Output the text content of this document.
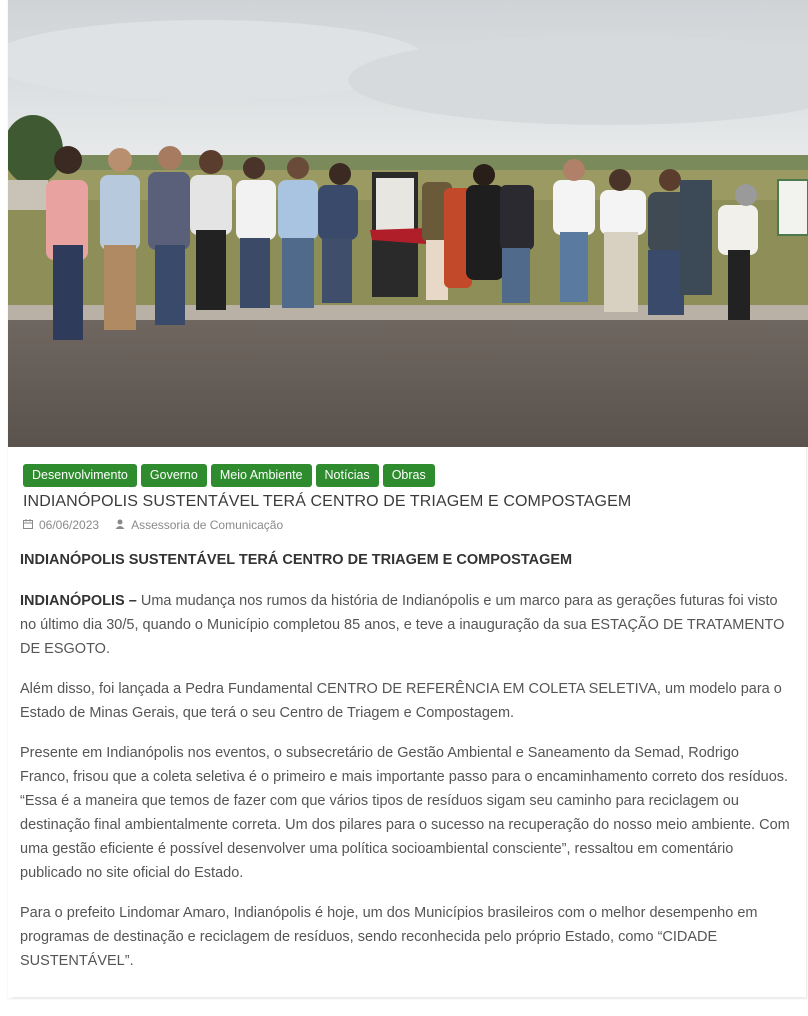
Desenvolvimento	Governo	Meio Ambiente	Notícias	Obras
INDIANÓPOLIS SUSTENTÁVEL TERÁ CENTRO DE TRIAGEM E COMPOSTAGEM
06/06/2023	Assessoria de Comunicação

INDIANÓPOLIS SUSTENTÁVEL TERÁ CENTRO DE TRIAGEM E COMPOSTAGEM

INDIANÓPOLIS – Uma mudança nos rumos da história de Indianópolis e um marco para as gerações futuras foi visto no último dia 30/5, quando o Município completou 85 anos, e teve a inauguração da sua ESTAÇÃO DE TRATAMENTO DE ESGOTO.

Além disso, foi lançada a Pedra Fundamental CENTRO DE REFERÊNCIA EM COLETA SELETIVA, um modelo para o Estado de Minas Gerais, que terá o seu Centro de Triagem e Compostagem.

Presente em Indianópolis nos eventos, o subsecretário de Gestão Ambiental e Saneamento da Semad, Rodrigo Franco, frisou que a coleta seletiva é o primeiro e mais importante passo para o encaminhamento correto dos resíduos. “Essa é a maneira que temos de fazer com que vários tipos de resíduos sigam seu caminho para reciclagem ou destinação final ambientalmente correta. Um dos pilares para o sucesso na recuperação do nosso meio ambiente. Com uma gestão eficiente é possível desenvolver uma política socioambiental consciente”, ressaltou em comentário publicado no site oficial do Estado.

Para o prefeito Lindomar Amaro, Indianópolis é hoje, um dos Municípios brasileiros com o melhor desempenho em programas de destinação e reciclagem de resíduos, sendo reconhecida pelo próprio Estado, como “CIDADE SUSTENTÁVEL”.
